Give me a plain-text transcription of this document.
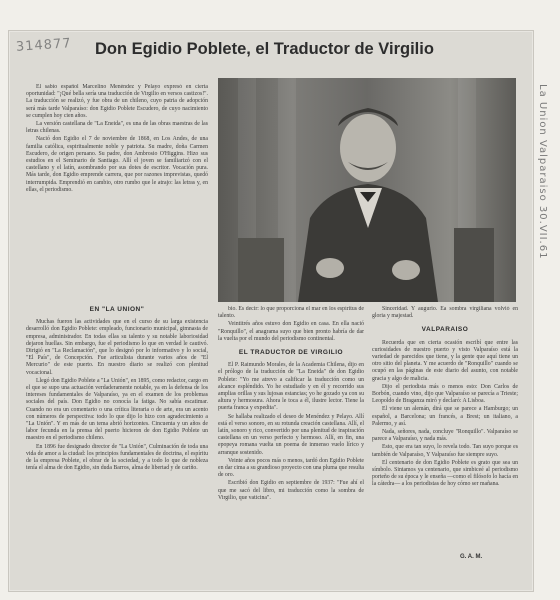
314877 Don Egidio Poblete, el Traductor de Virgilio
La Union Valparaiso 30.VII.61

El sabio español Marcelino Menéndez y Pelayo expresó en cierta oportunidad: "¡Qué bella sería una traducción de Virgilio en versos castizos!". La traducción se realizó, y fue obra de un chileno, cuyo patria de adopción será más tarde Valparaíso: don Egidio Poblete Escudero, de cuyo nacimiento se cumplen hoy cien años.

La versión castellana de "La Eneida", es una de las obras maestras de las letras chilenas.

Nació don Egidio el 7 de noviembre de 1868, en Los Andes, de una familia católica, espiritualmente noble y patriota. Su madre, doña Carmen Escudero, de origen peruano. Su padre, don Ambrosio O'Higgins. Hizo sus estudios en el Seminario de Santiago. Allí el joven se familiarizó con el castellano y el latín, asombrando por sus dotes de escritor. Vocación pura. Más tarde, don Egidio emprende carrera, que por razones imprevistas, quedó interrumpida. Emprendió en cambio, otro rumbo que le atrajo: las letras y, en ellas, el periodismo.

EN "LA UNION"

Muchas fueron las actividades que en el curso de su larga existencia desarrolló don Egidio Poblete: empleado, funcionario municipal, gimnasta de empresa, administrador. En todas ellas su talento y su notable laboriosidad dejaron huellas. Sin embargo, fue el periodismo lo que en verdad le cautivó. Dirigió en "La Reclamación", que lo designó por lo informativo y lo social, "El País", de Concepción. Fue articulista durante varios años de "El Mercurio" de este puerto. En nuestro diario se realizó con plenitud vocacional.

Llegó don Egidio Poblete a "La Unión", en 1895, como redactor, cargo en el que se supo una actuación verdaderamente notable, ya en la defensa de los intereses fundamentales de Valparaíso, ya en el examen de los problemas sociales del país. Don Egidio no conocía la fatiga. No sabía escatimar. Cuando no era un comentario o una crítica literaria o de arte, era un acento con números de perspectiva: todo lo que dijo lo hizo con agradecimiento a "La Unión". Y en más de un tema abrió horizontes. Cincuenta y un años de labor fecunda en la prensa del puerto hicieron de don Egidio Poblete un maestro en el periodismo chileno.

En 1896 fue designado director de "La Unión", Culminación de toda una vida de amor a la ciudad: los principios fundamentales de doctrina, el espíritu de la empresa Poblete, el obrar de la sociedad, y a todo lo que de nobleza tenía el alma de don Egidio, sin duda Barros, alma de libertad y de cariño.

bio. Es decir: lo que proporciona el mar en los espíritus de talento.

Veintitrés años estuvo don Egidio en casa. En ella nació "Ronquillo", el anagrama suyo que bien pronto habría de dar la vuelta por el mundo del periodismo continental.

EL TRADUCTOR DE VIRGILIO

El P. Raimundo Morales, de la Academia Chilena, dijo en el prólogo de la traducción de "La Eneida" de don Egidio Poblete: "Yo me atrevo a calificar la traducción como un alcance espléndido. Yo he estudiado y en él y recorrido sus amplias orillas y sus lujosas estancias; yo he gozado ya con su altura y hermosura. Ahora le toca a él, ilustre lector. Tiene la puerta franca y expedita".

Se hallaba realizado el deseo de Menéndez y Pelayo. Allí está el verso sonoro, en su rotunda creación castellana. Allí, el latín, sonoro y rico, convertido por una plenitud de inspiración castellana en un verso perfecto y hermoso. Allí, en fin, una epopeya romana vuelta un poema de inmenso vuelo lírico y arranque sostenido.

Veinte años pocos más o menos, tardó don Egidio Poblete en dar cima a su grandioso proyecto con una pluma que resulta de oro.

Escribió don Egidio en septiembre de 1937: "Fue ahí el que me sacó del libro, mi traducción como la sombra de Virgilio, que vaticina".

Sinceridad. Y augurio. Ea sombra virgiliana volvió en gloria y majestad.

VALPARAISO

Recuerda que en cierta ocasión escribí que entre las curiosidades de nuestro puerto y visto Valparaíso está la variedad de parecidos que tiene, y la gente que aquí tiene un otro sitio del planeta. Y me acuerdo de "Ronquillo" cuando se ocupó en las páginas de este diario del asunto, con notable gracia y algo de malicia.

Dijo el periodista más o menos esto: Don Carlos de Borbón, cuando vino, dijo que Valparaíso se parecía a Trieste; Leopoldo de Braganza miró y declaró: A Lisboa.

El viene un alemán, dirá que se parece a Hamburgo; un español, a Barcelona; un francés, a Brest; un italiano, a Palermo, y así.

Nada, señores, nada, concluye "Ronquillo". Valparaíso se parece a Valparaíso, y nada más.

Esto, que era tan suyo, lo revela todo. Tan suyo porque es también de Valparaíso, Y Valparaíso fue siempre suyo.

El centenario de don Egidio Poblete es grato que sea un símbolo. Sintamos ya centenario, que simbiceé al periodismo porteño de su época y le enseña —como el filósofo lo hacía en la cátedra— a los periodistas de hoy cómo ser mañana.

G. A. M.
